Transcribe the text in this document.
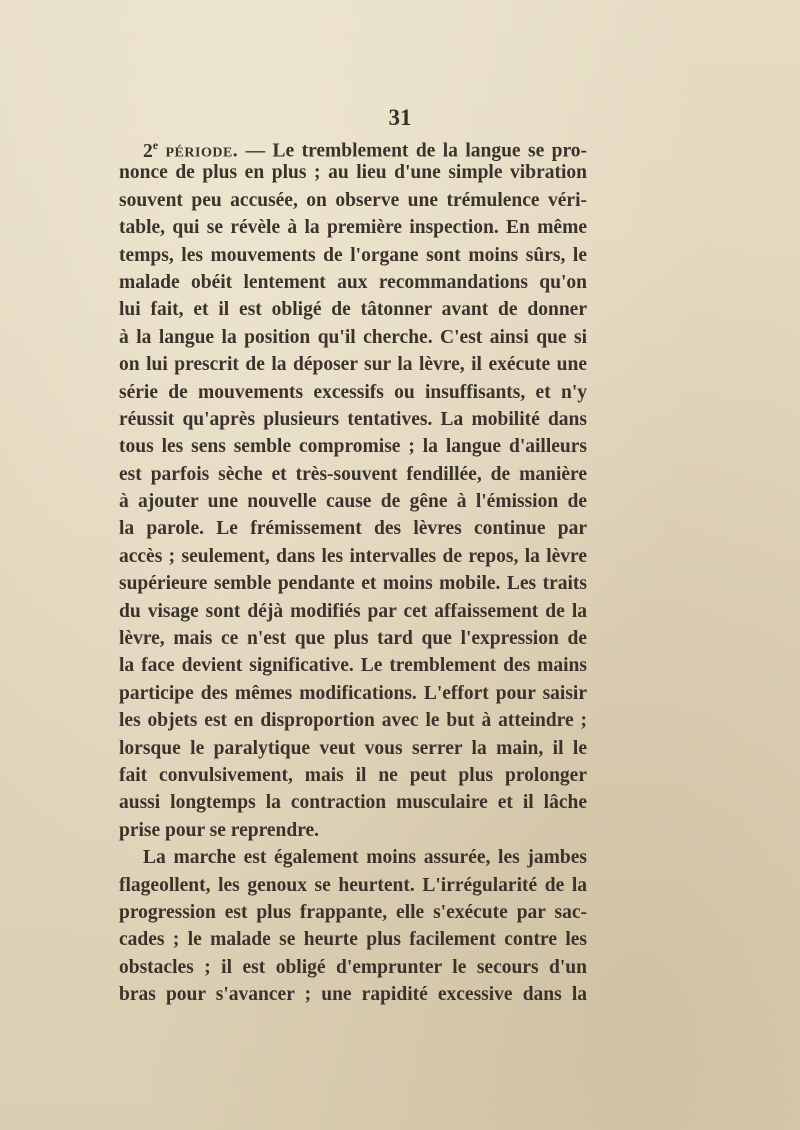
31
2e période. — Le tremblement de la langue se pro-
nonce de plus en plus ; au lieu d'une simple vibration
souvent peu accusée, on observe une trémulence véri-
table, qui se révèle à la première inspection. En même
temps, les mouvements de l'organe sont moins sûrs, le
malade obéit lentement aux recommandations qu'on
lui fait, et il est obligé de tâtonner avant de donner
à la langue la position qu'il cherche. C'est ainsi que si
on lui prescrit de la déposer sur la lèvre, il exécute une
série de mouvements excessifs ou insuffisants, et n'y
réussit qu'après plusieurs tentatives. La mobilité dans
tous les sens semble compromise ; la langue d'ailleurs
est parfois sèche et très-souvent fendillée, de manière
à ajouter une nouvelle cause de gêne à l'émission de
la parole. Le frémissement des lèvres continue par
accès ; seulement, dans les intervalles de repos, la lèvre
supérieure semble pendante et moins mobile. Les traits
du visage sont déjà modifiés par cet affaissement de la
lèvre, mais ce n'est que plus tard que l'expression de
la face devient significative. Le tremblement des mains
participe des mêmes modifications. L'effort pour saisir
les objets est en disproportion avec le but à atteindre ;
lorsque le paralytique veut vous serrer la main, il le
fait convulsivement, mais il ne peut plus prolonger
aussi longtemps la contraction musculaire et il lâche
prise pour se reprendre.
La marche est également moins assurée, les jambes
flageollent, les genoux se heurtent. L'irrégularité de la
progression est plus frappante, elle s'exécute par sac-
cades ; le malade se heurte plus facilement contre les
obstacles ; il est obligé d'emprunter le secours d'un
bras pour s'avancer ; une rapidité excessive dans la
